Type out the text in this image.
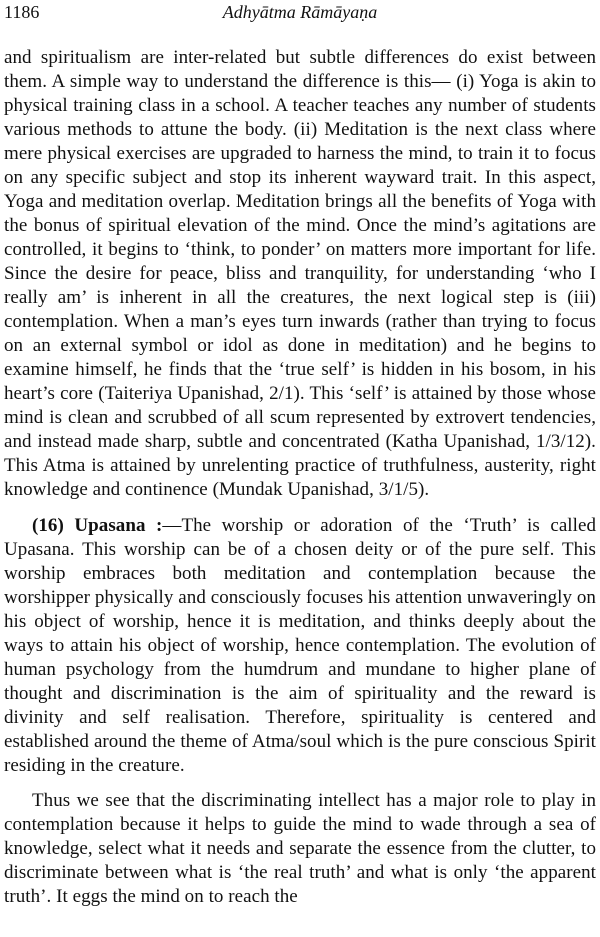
1186	Adhyātma Rāmāyaṇa

and spiritualism are inter-related but subtle differences do exist between them. A simple way to understand the difference is this— (i) Yoga is akin to physical training class in a school. A teacher teaches any number of students various methods to attune the body. (ii) Meditation is the next class where mere physical exercises are upgraded to harness the mind, to train it to focus on any specific subject and stop its inherent wayward trait. In this aspect, Yoga and meditation overlap. Meditation brings all the benefits of Yoga with the bonus of spiritual elevation of the mind. Once the mind’s agitations are controlled, it begins to ‘think, to ponder’ on matters more important for life. Since the desire for peace, bliss and tranquility, for understanding ‘who I really am’ is inherent in all the creatures, the next logical step is (iii) contemplation. When a man’s eyes turn inwards (rather than trying to focus on an external symbol or idol as done in meditation) and he begins to examine himself, he finds that the ‘true self’ is hidden in his bosom, in his heart’s core (Taiteriya Upanishad, 2/1). This ‘self’ is attained by those whose mind is clean and scrubbed of all scum represented by extrovert tendencies, and instead made sharp, subtle and concentrated (Katha Upanishad, 1/3/12). This Atma is attained by unrelenting practice of truthfulness, austerity, right knowledge and continence (Mundak Upanishad, 3/1/5).

(16) Upasana :—The worship or adoration of the ‘Truth’ is called Upasana. This worship can be of a chosen deity or of the pure self. This worship embraces both meditation and contemplation because the worshipper physically and consciously focuses his attention unwaveringly on his object of worship, hence it is meditation, and thinks deeply about the ways to attain his object of worship, hence contemplation. The evolution of human psychology from the humdrum and mundane to higher plane of thought and discrimination is the aim of spirituality and the reward is divinity and self realisation. Therefore, spirituality is centered and established around the theme of Atma/soul which is the pure conscious Spirit residing in the creature.

Thus we see that the discriminating intellect has a major role to play in contemplation because it helps to guide the mind to wade through a sea of knowledge, select what it needs and separate the essence from the clutter, to discriminate between what is ‘the real truth’ and what is only ‘the apparent truth’. It eggs the mind on to reach the
